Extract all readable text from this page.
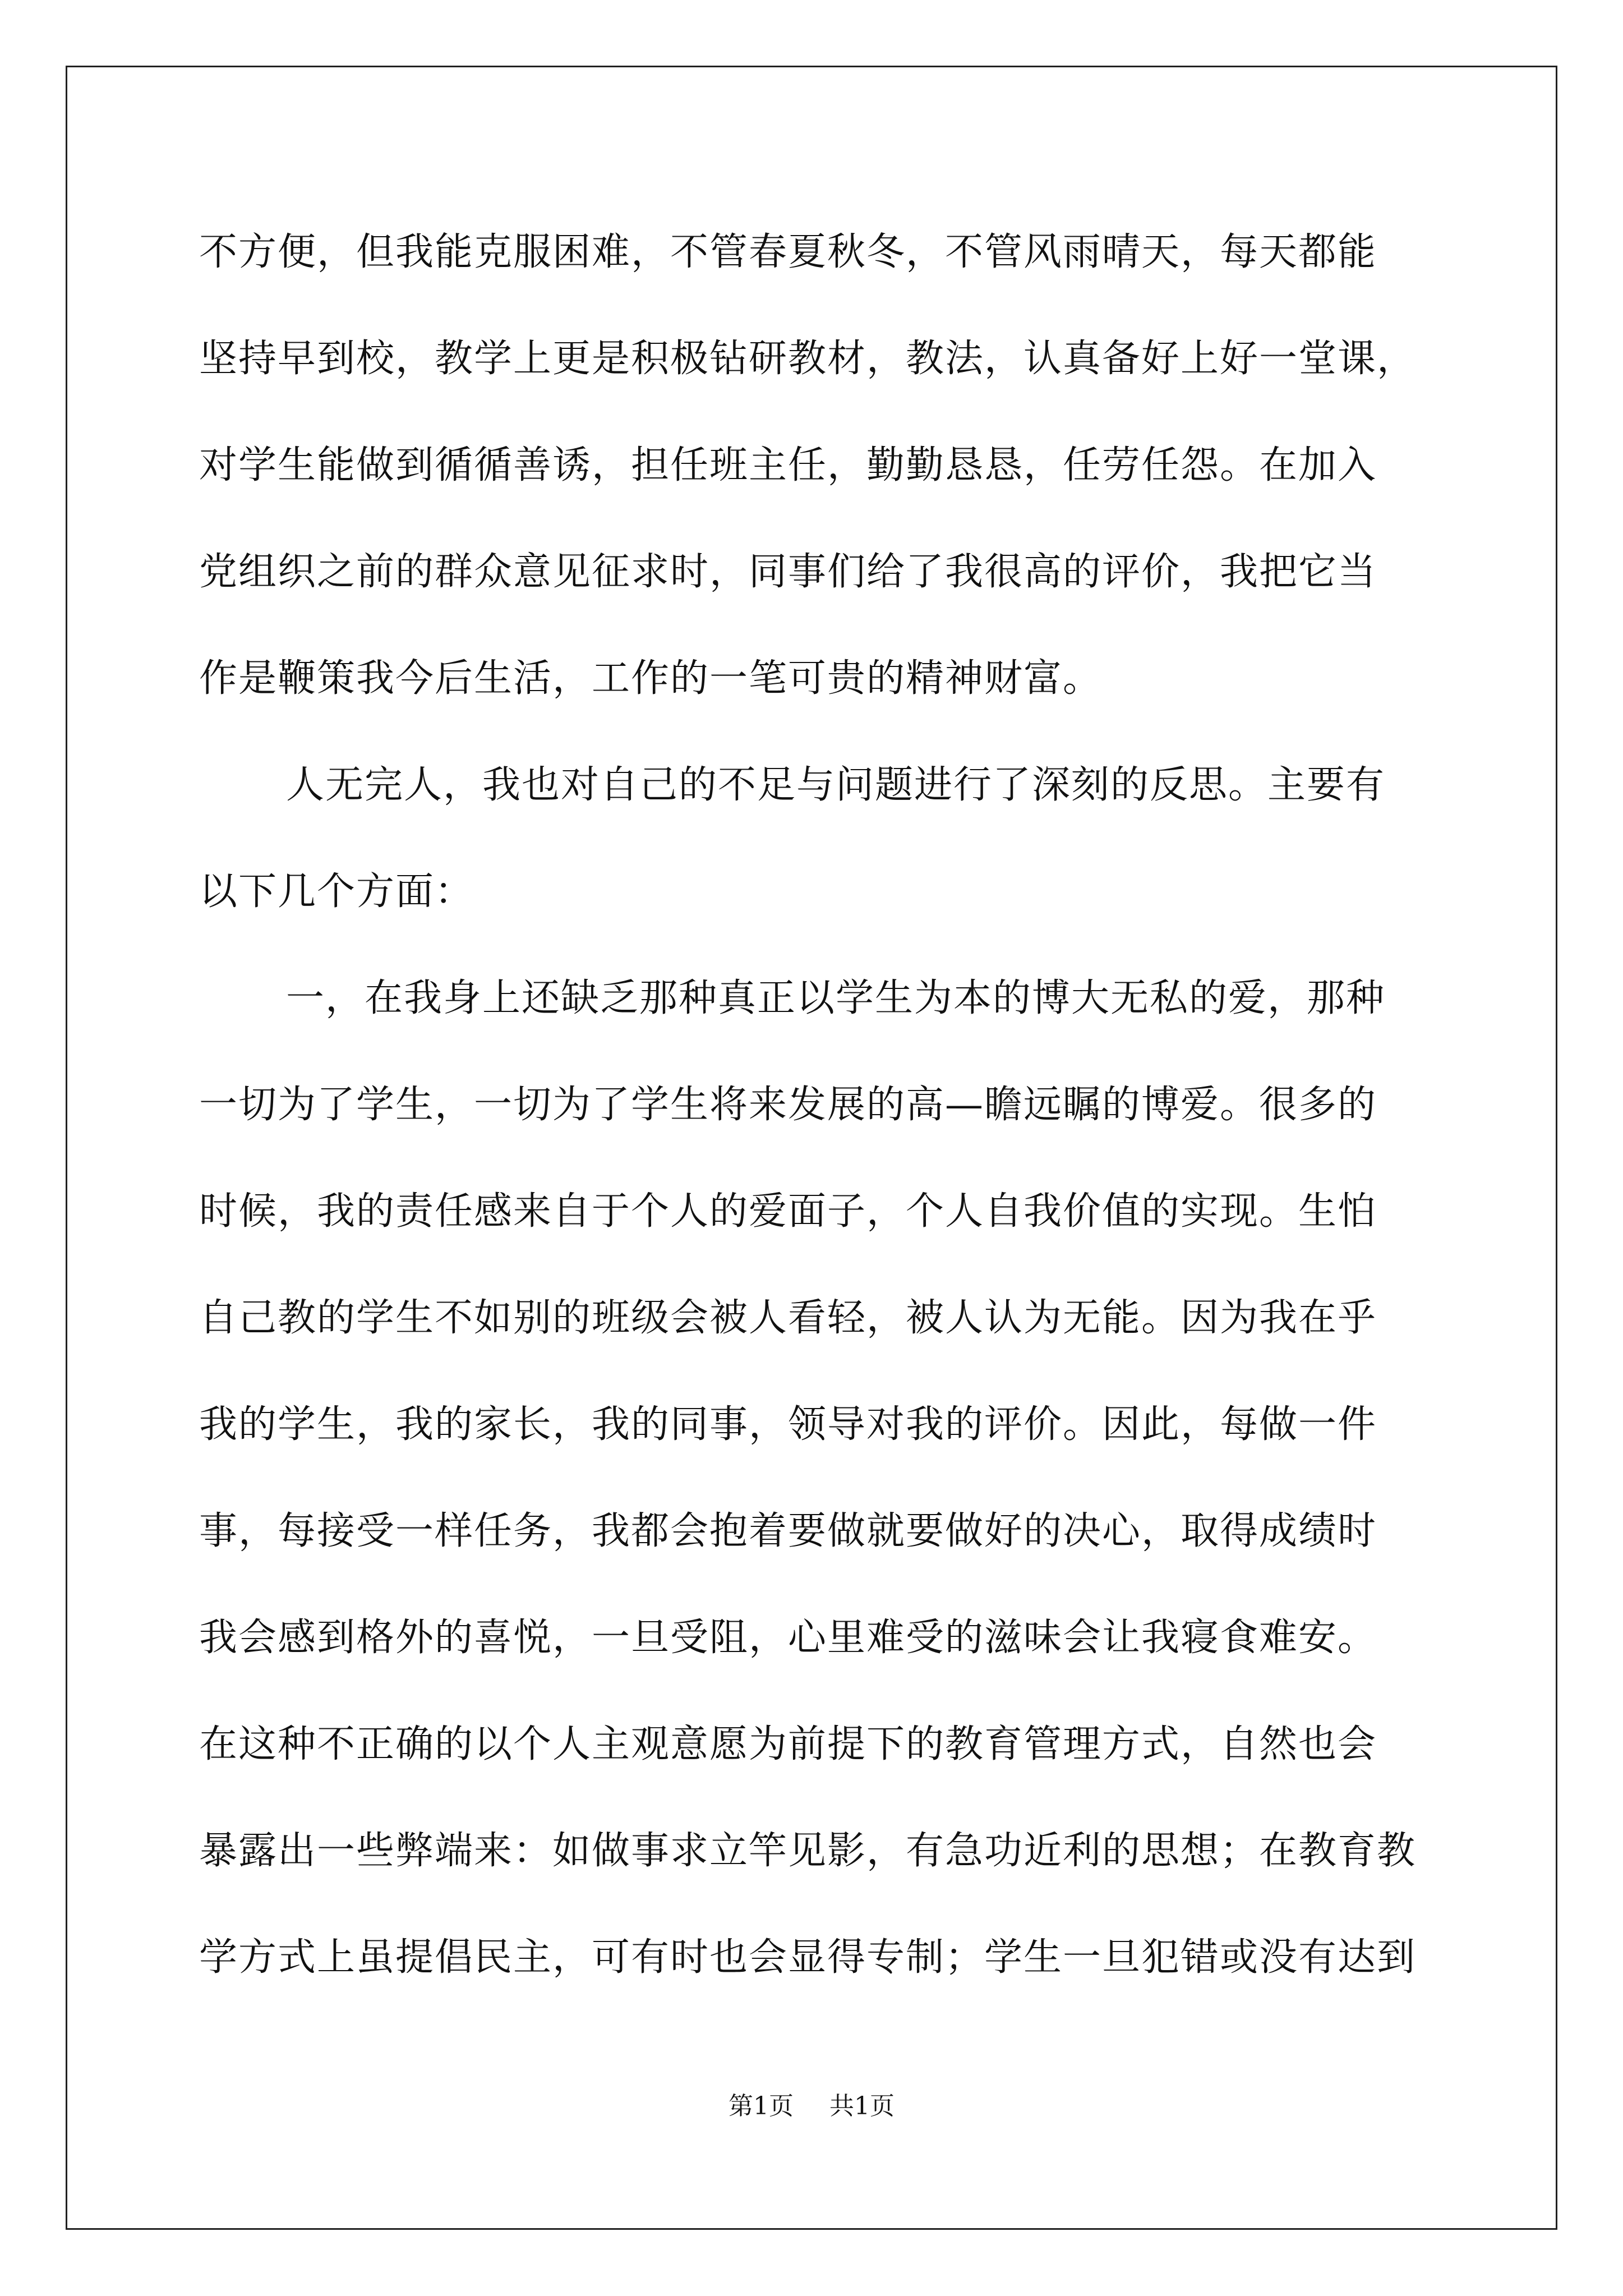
不方便，但我能克服困难，不管春夏秋冬，不管风雨晴天，每天都能
坚持早到校，教学上更是积极钻研教材，教法，认真备好上好一堂课，
对学生能做到循循善诱，担任班主任，勤勤恳恳，任劳任怨。在加入
党组织之前的群众意见征求时，同事们给了我很高的评价，我把它当
作是鞭策我今后生活，工作的一笔可贵的精神财富。
人无完人，我也对自己的不足与问题进行了深刻的反思。主要有
以下几个方面：
一，在我身上还缺乏那种真正以学生为本的博大无私的爱，那种
一切为了学生，一切为了学生将来发展的高—瞻远瞩的博爱。很多的
时候，我的责任感来自于个人的爱面子，个人自我价值的实现。生怕
自己教的学生不如别的班级会被人看轻，被人认为无能。因为我在乎
我的学生，我的家长，我的同事，领导对我的评价。因此，每做一件
事，每接受一样任务，我都会抱着要做就要做好的决心，取得成绩时
我会感到格外的喜悦，一旦受阻，心里难受的滋味会让我寝食难安。
在这种不正确的以个人主观意愿为前提下的教育管理方式，自然也会
暴露出一些弊端来：如做事求立竿见影，有急功近利的思想；在教育教
学方式上虽提倡民主，可有时也会显得专制；学生一旦犯错或没有达到
第1页 共1页
